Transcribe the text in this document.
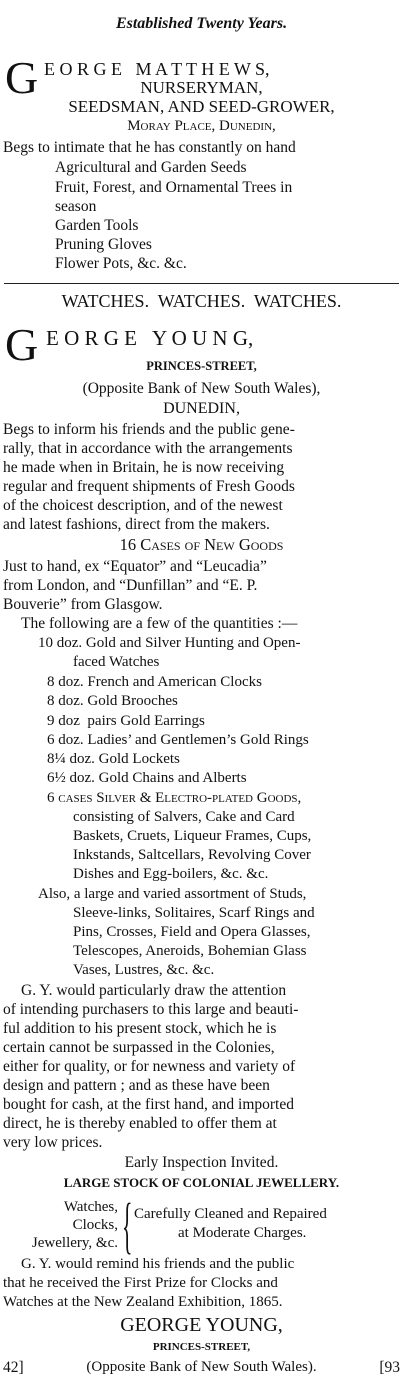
Established Twenty Years.
G E O R G E   M A T T H E W S,
NURSERYMAN,
SEEDSMAN, AND SEED-GROWER,
Moray Place, Dunedin,
Begs to intimate that he has constantly on hand
Agricultural and Garden Seeds
Fruit, Forest, and Ornamental Trees in
season
Garden Tools
Pruning Gloves
Flower Pots, &c. &c.
WATCHES.  WATCHES.  WATCHES.
G E O R G E   Y O U N G,
PRINCES-STREET,
(Opposite Bank of New South Wales),
DUNEDIN,
Begs to inform his friends and the public gene-
rally, that in accordance with the arrangements
he made when in Britain, he is now receiving
regular and frequent shipments of Fresh Goods
of the choicest description, and of the newest
and latest fashions, direct from the makers.
16 Cases of New Goods
Just to hand, ex “Equator” and “Leucadia”
from London, and “Dunfillan” and “E. P.
Bouverie” from Glasgow.
The following are a few of the quantities :—
10 doz. Gold and Silver Hunting and Open-
faced Watches
8 doz. French and American Clocks
8 doz. Gold Brooches
9 doz  pairs Gold Earrings
6 doz. Ladies’ and Gentlemen’s Gold Rings
8¼ doz. Gold Lockets
6½ doz. Gold Chains and Alberts
6 cases Silver & Electro-plated Goods,
consisting of Salvers, Cake and Card
Baskets, Cruets, Liqueur Frames, Cups,
Inkstands, Saltcellars, Revolving Cover
Dishes and Egg-boilers, &c. &c.
Also, a large and varied assortment of Studs,
Sleeve-links, Solitaires, Scarf Rings and
Pins, Crosses, Field and Opera Glasses,
Telescopes, Aneroids, Bohemian Glass
Vases, Lustres, &c. &c.
G. Y. would particularly draw the attention
of intending purchasers to this large and beauti-
ful addition to his present stock, which he is
certain cannot be surpassed in the Colonies,
either for quality, or for newness and variety of
design and pattern ; and as these have been
bought for cash, at the first hand, and imported
direct, he is thereby enabled to offer them at
very low prices.
Early Inspection Invited.
LARGE STOCK OF COLONIAL JEWELLERY.
Watches,
Clocks,
Jewellery, &c. { Carefully Cleaned and Repaired
at Moderate Charges.
G. Y. would remind his friends and the public
that he received the First Prize for Clocks and
Watches at the New Zealand Exhibition, 1865.
GEORGE YOUNG,
PRINCES-STREET,
42]	(Opposite Bank of New South Wales).	[93
